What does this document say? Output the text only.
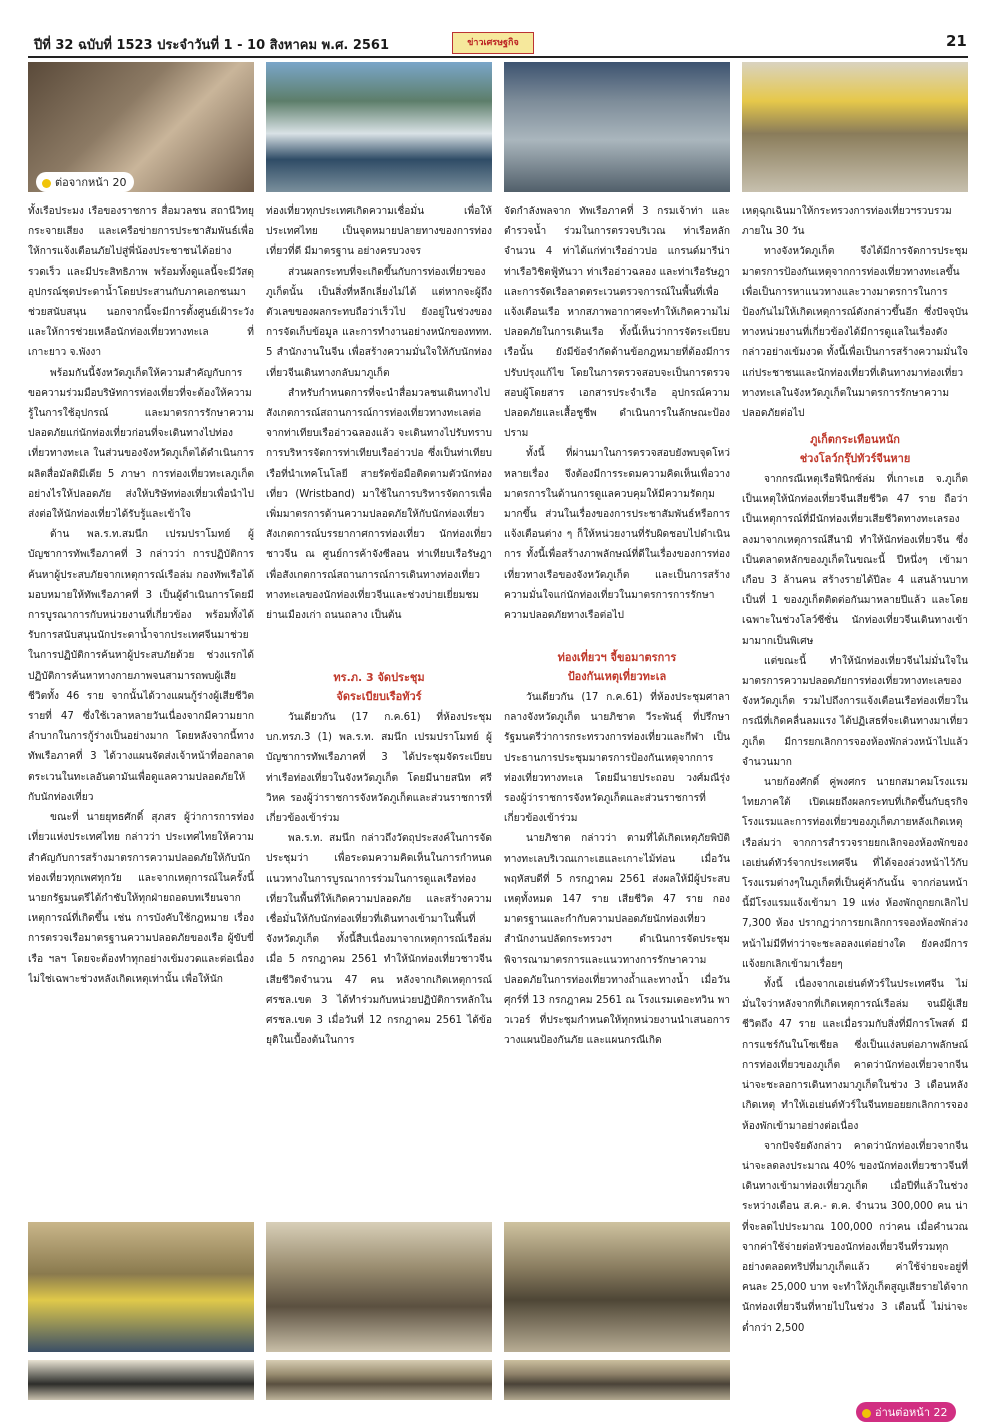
ปีที่ 32 ฉบับที่ 1523 ประจำวันที่ 1 - 10 สิงหาคม พ.ศ. 2561	ข่าวเศรษฐกิจ	21
ต่อจากหน้า 20

ทั้งเรือประมง เรือของราชการ สื่อมวลชน สถานีวิทยุกระจายเสียง และเครือข่ายการประชาสัมพันธ์เพื่อให้การแจ้งเตือนภัยไปสู่พี่น้องประชาชนได้อย่างรวดเร็ว และมีประสิทธิภาพ พร้อมทั้งดูแลนี้จะมีวัสดุอุปกรณ์ชุดประดาน้ำโดยประสานกับภาคเอกชนมาช่วยสนับสนุน นอกจากนี้จะมีการตั้งศูนย์เฝ้าระวังและให้การช่วยเหลือนักท่องเที่ยวทางทะเล ที่เกาะยาว จ.พังงา

พร้อมกันนี้จังหวัดภูเก็ตให้ความสำคัญกับการขอความร่วมมือบริษัทการท่องเที่ยวที่จะต้องให้ความรู้ในการใช้อุปกรณ์ และมาตรการรักษาความปลอดภัยแก่นักท่องเที่ยวก่อนที่จะเดินทางไปท่องเที่ยวทางทะเล ในส่วนของจังหวัดภูเก็ตได้ดำเนินการผลิตสื่อมัลติมีเดีย 5 ภาษา การท่องเที่ยวทะเลภูเก็ตอย่างไรให้ปลอดภัย ส่งให้บริษัทท่องเที่ยวเพื่อนำไปส่งต่อให้นักท่องเที่ยวได้รับรู้และเข้าใจ

ด้าน พล.ร.ท.สมนึก เปรมปราโมทย์ ผู้บัญชาการทัพเรือภาคที่ 3 กล่าวว่า การปฏิบัติการค้นหาผู้ประสบภัยจากเหตุการณ์เรือล่ม กองทัพเรือได้มอบหมายให้ทัพเรือภาคที่ 3 เป็นผู้ดำเนินการโดยมีการบูรณาการกับหน่วยงานที่เกี่ยวข้อง พร้อมทั้งได้รับการสนับสนุนนักประดาน้ำจากประเทศจีนมาช่วยในการปฏิบัติการค้นหาผู้ประสบภัยด้วย ช่วงแรกได้ปฏิบัติการค้นหาทางกายภาพจนสามารถพบผู้เสียชีวิตทั้ง 46 ราย จากนั้นได้วางแผนกู้ร่างผู้เสียชีวิตรายที่ 47 ซึ่งใช้เวลาหลายวันเนื่องจากมีความยากลำบากในการกู้ร่างเป็นอย่างมาก โดยหลังจากนี้ทางทัพเรือภาคที่ 3 ได้วางแผนจัดส่งเจ้าหน้าที่ออกลาดตระเวนในทะเลอันดามันเพื่อดูแลความปลอดภัยให้กับนักท่องเที่ยว

ขณะที่ นายยุทธศักดิ์ สุภสร ผู้ว่าการการท่องเที่ยวแห่งประเทศไทย กล่าวว่า ประเทศไทยให้ความสำคัญกับการสร้างมาตรการความปลอดภัยให้กับนักท่องเที่ยวทุกเพศทุกวัย และจากเหตุการณ์ในครั้งนี้ นายกรัฐมนตรีได้กำชับให้ทุกฝ่ายถอดบทเรียนจากเหตุการณ์ที่เกิดขึ้น เช่น การบังคับใช้กฎหมาย เรื่องการตรวจเรือมาตรฐานความปลอดภัยของเรือ ผู้ขับขี่เรือ ฯลฯ โดยจะต้องทำทุกอย่างเข้มงวดและต่อเนื่อง ไม่ใช่เฉพาะช่วงหลังเกิดเหตุเท่านั้น เพื่อให้นัก

ท่องเที่ยวทุกประเทศเกิดความเชื่อมั่น เพื่อให้ประเทศไทย เป็นจุดหมายปลายทางของการท่องเที่ยวที่ดี มีมาตรฐาน อย่างครบวงจร

ส่วนผลกระทบที่จะเกิดขึ้นกับการท่องเที่ยวของภูเก็ตนั้น เป็นสิ่งที่หลีกเลี่ยงไม่ได้ แต่หากจะผู้ถึงตัวเลขของผลกระทบถือว่าเร็วไป ยังอยู่ในช่วงของการจัดเก็บข้อมูล และการทำงานอย่างหนักของททท. 5 สำนักงานในจีน เพื่อสร้างความมั่นใจให้กับนักท่องเที่ยวจีนเดินทางกลับมาภูเก็ต

สำหรับกำหนดการที่จะนำสื่อมวลชนเดินทางไป สังเกตการณ์สถานการณ์การท่องเที่ยวทางทะเลต่อจากท่าเทียบเรืออ่าวฉลองแล้ว จะเดินทางไปรับทราบการบริหารจัดการท่าเทียบเรืออ่าวปอ ซึ่งเป็นท่าเทียบเรือที่นำเทคโนโลยี สายรัดข้อมือติดตามตัวนักท่องเที่ยว (Wristband) มาใช้ในการบริหารจัดการเพื่อเพิ่มมาตรการด้านความปลอดภัยให้กับนักท่องเที่ยว สังเกตการณ์บรรยากาศการท่องเที่ยว นักท่องเที่ยวชาวจีน ณ ศูนย์การค้าจังซีลอน ท่าเทียบเรือรัษฎา เพื่อสังเกตการณ์สถานการณ์การเดินทางท่องเที่ยวทางทะเลของนักท่องเที่ยวจีนและช่วงบ่ายเยี่ยมชมย่านเมืองเก่า ถนนถลาง เป็นต้น

ทร.ภ. 3 จัดประชุม
จัดระเบียบเรือทัวร์

วันเดียวกัน (17 ก.ค.61) ที่ห้องประชุม บก.ทรภ.3 (1) พล.ร.ท. สมนึก เปรมปราโมทย์ ผู้บัญชาการทัพเรือภาคที่ 3 ได้ประชุมจัดระเบียบท่าเรือท่องเที่ยวในจังหวัดภูเก็ต โดยมีนายสนิท ศรีวิหค รองผู้ว่าราชการจังหวัดภูเก็ตและส่วนราชการที่เกี่ยวข้องเข้าร่วม

พล.ร.ท. สมนึก กล่าวถึงวัตถุประสงค์ในการจัดประชุมว่า เพื่อระดมความคิดเห็นในการกำหนดแนวทางในการบูรณาการร่วมในการดูแลเรือท่องเที่ยวในพื้นที่ให้เกิดความปลอดภัย และสร้างความเชื่อมั่นให้กับนักท่องเที่ยวที่เดินทางเข้ามาในพื้นที่จังหวัดภูเก็ต ทั้งนี้สืบเนื่องมาจากเหตุการณ์เรือล่มเมื่อ 5 กรกฎาคม 2561 ทำให้นักท่องเที่ยวชาวจีนเสียชีวิตจำนวน 47 คน หลังจากเกิดเหตุการณ์ ศรชล.เขต 3 ได้ทำร่วมกับหน่วยปฏิบัติการหลักใน ศรชล.เขต 3 เมื่อวันที่ 12 กรกฎาคม 2561 ได้ข้อยุติในเบื้องต้นในการ

จัดกำลังพลจาก ทัพเรือภาคที่ 3 กรมเจ้าท่า และตำรวจน้ำ ร่วมในการตรวจบริเวณ ท่าเรือหลักจำนวน 4 ท่าได้แก่ท่าเรืออ่าวปอ แกรนด์มารีน่า ท่าเรือวิชิตฟู้ทันวา ท่าเรืออ่าวฉลอง และท่าเรือรัษฎา และการจัดเรือลาดตระเวนตรวจการณ์ในพื้นที่เพื่อแจ้งเตือนเรือ หากสภาพอากาศจะทำให้เกิดความไม่ปลอดภัยในการเดินเรือ ทั้งนี้เห็นว่าการจัดระเบียบเรือนั้น ยังมีข้อจำกัดด้านข้อกฎหมายที่ต้องมีการปรับปรุงแก้ไข โดยในการตรวจสอบจะเป็นการตรวจสอบผู้โดยสาร เอกสารประจำเรือ อุปกรณ์ความปลอดภัยและเสื้อชูชีพ ดำเนินการในลักษณะป้องปราม

ทั้งนี้ ที่ผ่านมาในการตรวจสอบยังพบจุดโหว่หลายเรื่อง จึงต้องมีการระดมความคิดเห็นเพื่อวางมาตรการในด้านการดูแลควบคุมให้มีความรัดกุมมากขึ้น ส่วนในเรื่องของการประชาสัมพันธ์หรือการแจ้งเตือนต่าง ๆ ก็ให้หน่วยงานที่รับผิดชอบไปดำเนินการ ทั้งนี้เพื่อสร้างภาพลักษณ์ที่ดีในเรื่องของการท่องเที่ยวทางเรือของจังหวัดภูเก็ต และเป็นการสร้างความมั่นใจแก่นักท่องเที่ยวในมาตรการการรักษาความปลอดภัยทางเรือต่อไป

ท่องเที่ยวฯ จี้ขอมาตรการ
ป้องกันเหตุเที่ยวทะเล

วันเดียวกัน (17 ก.ค.61) ที่ห้องประชุมศาลากลางจังหวัดภูเก็ต นายภิชาต วีระพันธุ์ ที่ปรึกษารัฐมนตรีว่าการกระทรวงการท่องเที่ยวและกีฬา เป็นประธานการประชุมมาตรการป้องกันเหตุจากการท่องเที่ยวทางทะเล โดยมีนายประถอบ วงศ์มณีรุ่ง รองผู้ว่าราชการจังหวัดภูเก็ตและส่วนราชการที่เกี่ยวข้องเข้าร่วม

นายภิชาต กล่าวว่า ตามที่ได้เกิดเหตุภัยพิบัติทางทะเลบริเวณเกาะเฮและเกาะไม้ท่อน เมื่อวันพฤหัสบดีที่ 5 กรกฎาคม 2561 ส่งผลให้มีผู้ประสบเหตุทั้งหมด 147 ราย เสียชีวิต 47 ราย กองมาตรฐานและกำกับความปลอดภัยนักท่องเที่ยว สำนักงานปลัดกระทรวงฯ ดำเนินการจัดประชุมพิจารณามาตรการและแนวทางการรักษาความปลอดภัยในการท่องเที่ยวทางถ้ำและทางน้ำ เมื่อวันศุกร์ที่ 13 กรกฎาคม 2561 ณ โรงแรมเดอะทวิน พาวเวอร์ ที่ประชุมกำหนดให้ทุกหน่วยงานนำเสนอการวางแผนป้องกันภัย และแผนกรณีเกิด

เหตุฉุกเฉินมาให้กระทรวงการท่องเที่ยวฯรวบรวมภายใน 30 วัน

ทางจังหวัดภูเก็ต จึงได้มีการจัดการประชุมมาตรการป้องกันเหตุจากการท่องเที่ยวทางทะเลขึ้นเพื่อเป็นการหาแนวทางและวางมาตรการในการป้องกันไม่ให้เกิดเหตุการณ์ดังกล่าวขึ้นอีก ซึ่งปัจจุบันทางหน่วยงานที่เกี่ยวข้องได้มีการดูแลในเรื่องดังกล่าวอย่างเข้มงวด ทั้งนี้เพื่อเป็นการสร้างความมั่นใจแก่ประชาชนและนักท่องเที่ยวที่เดินทางมาท่องเที่ยวทางทะเลในจังหวัดภูเก็ตในมาตรการรักษาความปลอดภัยต่อไป

ภูเก็ตกระเทือนหนัก
ช่วงโลว์กรุ๊ปทัวร์จีนหาย

จากกรณีเหตุเรือฟีนิกซ์ล่ม ที่เกาะเฮ จ.ภูเก็ต เป็นเหตุให้นักท่องเที่ยวจีนเสียชีวิต 47 ราย ถือว่าเป็นเหตุการณ์ที่มีนักท่องเที่ยวเสียชีวิตทางทะเลรองลงมาจากเหตุการณ์สึนามิ ทำให้นักท่องเที่ยวจีน ซึ่งเป็นตลาดหลักของภูเก็ตในขณะนี้ ปีหนึ่งๆ เข้ามาเกือบ 3 ล้านคน สร้างรายได้ปีละ 4 แสนล้านบาท เป็นที่ 1 ของภูเก็ตติดต่อกันมาหลายปีแล้ว และโดยเฉพาะในช่วงโลว์ซีซั่น นักท่องเที่ยวจีนเดินทางเข้ามามากเป็นพิเศษ

แต่ขณะนี้ ทำให้นักท่องเที่ยวจีนไม่มั่นใจในมาตรการความปลอดภัยการท่องเที่ยวทางทะเลของจังหวัดภูเก็ต รวมไปถึงการแจ้งเตือนเรือท่องเที่ยวในกรณีที่เกิดคลื่นลมแรง ได้ปฏิเสธที่จะเดินทางมาเที่ยวภูเก็ต มีการยกเลิกการจองห้องพักล่วงหน้าไปแล้วจำนวนมาก

นายก้องศักดิ์ คู่พงศกร นายกสมาคมโรงแรมไทยภาคใต้ เปิดเผยถึงผลกระทบที่เกิดขึ้นกับธุรกิจโรงแรมและการท่องเที่ยวของภูเก็ตภายหลังเกิดเหตุเรือล่มว่า จากการสำรวจรายยกเลิกจองห้องพักของเอเย่นต์ทัวร์จากประเทศจีน ที่ได้จองล่วงหน้าไว้กับโรงแรมต่างๆในภูเก็ตที่เป็นคู่ค้ากันนั้น จากก่อนหน้านี้มีโรงแรมแจ้งเข้ามา 19 แห่ง ห้องพักถูกยกเลิกไป 7,300 ห้อง ปรากฏว่าการยกเลิกการจองห้องพักล่วงหน้าไม่มีทีท่าว่าจะชะลอลงแต่อย่างใด ยังคงมีการแจ้งยกเลิกเข้ามาเรื่อยๆ

ทั้งนี้ เนื่องจากเอเย่นต์ทัวร์ในประเทศจีน ไม่มั่นใจว่าหลังจากที่เกิดเหตุการณ์เรือล่ม จนมีผู้เสียชีวิตถึง 47 ราย และเมื่อรวมกับสิ่งที่มีการโพสต์ มีการแชร์กันในโซเชียล ซึ่งเป็นแง่ลบต่อภาพลักษณ์การท่องเที่ยวของภูเก็ต คาดว่านักท่องเที่ยวจากจีนน่าจะชะลอการเดินทางมาภูเก็ตในช่วง 3 เดือนหลังเกิดเหตุ ทำให้เอเย่นต์ทัวร์ในจีนทยอยยกเลิกการจองห้องพักเข้ามาอย่างต่อเนื่อง

จากปัจจัยดังกล่าว คาดว่านักท่องเที่ยวจากจีนน่าจะลดลงประมาณ 40% ของนักท่องเที่ยวชาวจีนที่เดินทางเข้ามาท่องเที่ยวภูเก็ต เมื่อปีที่แล้วในช่วงระหว่างเดือน ส.ค.- ต.ค. จำนวน 300,000 คน น่าที่จะลดไปประมาณ 100,000 กว่าคน เมื่อคำนวณจากค่าใช้จ่ายต่อหัวของนักท่องเที่ยวจีนที่รวมทุกอย่างตลอดทริปที่มาภูเก็ตแล้ว ค่าใช้จ่ายจะอยู่ที่คนละ 25,000 บาท จะทำให้ภูเก็ตสูญเสียรายได้จากนักท่องเที่ยวจีนที่หายไปในช่วง 3 เดือนนี้ ไม่น่าจะต่ำกว่า 2,500

อ่านต่อหน้า 22
